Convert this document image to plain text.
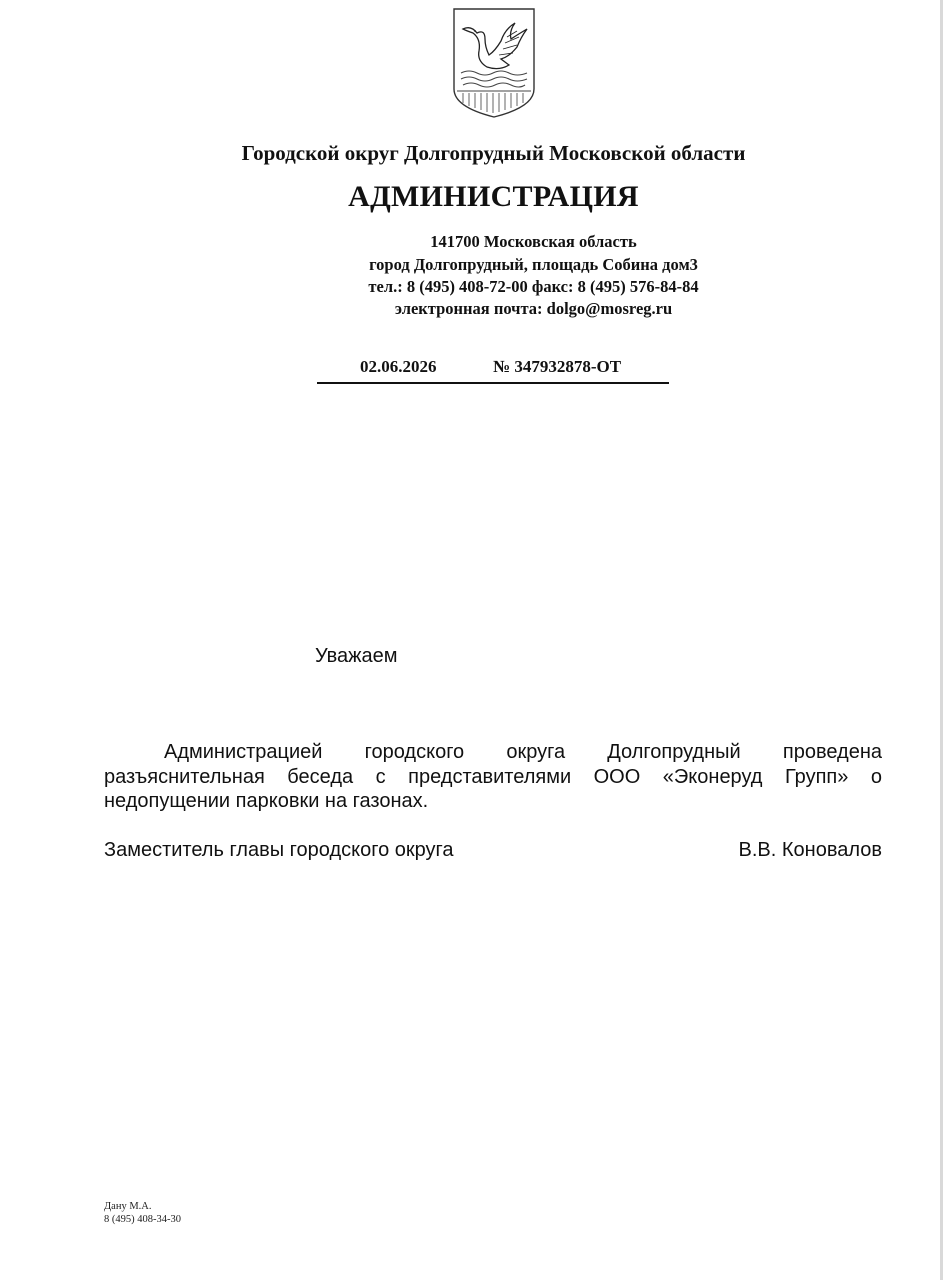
Городской округ Долгопрудный Московской области
АДМИНИСТРАЦИЯ
141700 Московская область
город Долгопрудный, площадь Собина дом3
тел.: 8 (495) 408-72-00 факс: 8 (495) 576-84-84
электронная почта: dolgo@mosreg.ru
02.06.2026	№ 347932878-ОТ
Уважаем
Администрацией городского округа Долгопрудный проведена
разъяснительная беседа с представителями ООО «Эконеруд Групп» о
недопущении парковки на газонах.
Заместитель главы городского округа	В.В. Коновалов
Дану М.А.
8 (495) 408-34-30
